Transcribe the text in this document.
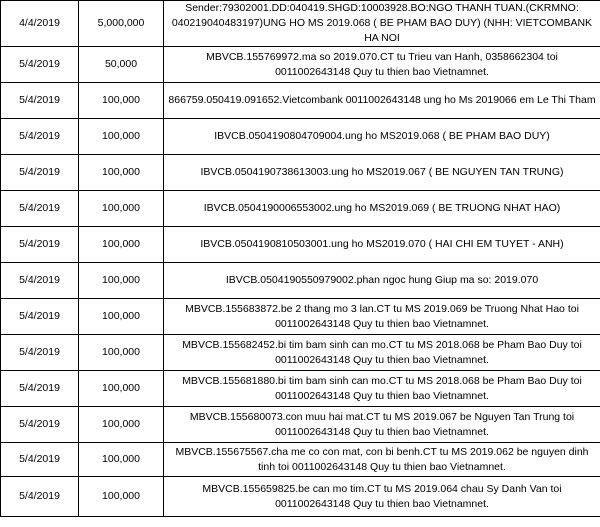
4/4/2019	5,000,000	Sender:79302001.DD:040419.SHGD:10003928.BO:NGO THANH TUAN.(CKRMNO: 040219040483197)UNG HO MS 2019.068 ( BE PHAM BAO DUY) (NHH: VIETCOMBANK HA NOI
5/4/2019	50,000	MBVCB.155769972.ma so 2019.070.CT tu Trieu van Hanh, 0358662304 toi 0011002643148 Quy tu thien bao Vietnamnet.
5/4/2019	100,000	866759.050419.091652.Vietcombank 0011002643148 ung ho Ms 2019066 em Le Thi Tham
5/4/2019	100,000	IBVCB.0504190804709004.ung ho MS2019.068 ( BE PHAM BAO DUY)
5/4/2019	100,000	IBVCB.0504190738613003.ung ho MS2019.067 ( BE NGUYEN TAN TRUNG)
5/4/2019	100,000	IBVCB.0504190006553002.ung ho MS2019.069 ( BE TRUONG NHAT HAO)
5/4/2019	100,000	IBVCB.0504190810503001.ung ho MS2019.070 ( HAI CHI EM TUYET - ANH)
5/4/2019	100,000	IBVCB.0504190550979002.phan ngoc hung Giup ma so: 2019.070
5/4/2019	100,000	MBVCB.155683872.be 2 thang mo 3 lan.CT tu MS 2019.069 be Truong Nhat Hao toi 0011002643148 Quy tu thien bao Vietnamnet.
5/4/2019	100,000	MBVCB.155682452.bi tim bam sinh can mo.CT tu MS 2018.068 be Pham Bao Duy toi 0011002643148 Quy tu thien bao Vietnamnet.
5/4/2019	100,000	MBVCB.155681880.bi tim bam sinh can mo.CT tu MS 2018.068 be Pham Bao Duy toi 0011002643148 Quy tu thien bao Vietnamnet.
5/4/2019	100,000	MBVCB.155680073.con muu hai mat.CT tu MS 2019.067 be Nguyen Tan Trung toi 0011002643148 Quy tu thien bao Vietnamnet.
5/4/2019	100,000	MBVCB.155675567.cha me co con mat, con bi benh.CT tu MS 2019.062 be nguyen dinh tinh toi 0011002643148 Quy tu thien bao Vietnamnet.
5/4/2019	100,000	MBVCB.155659825.be can mo tim.CT tu MS 2019.064 chau Sy Danh Van toi 0011002643148 Quy tu thien bao Vietnamnet.
